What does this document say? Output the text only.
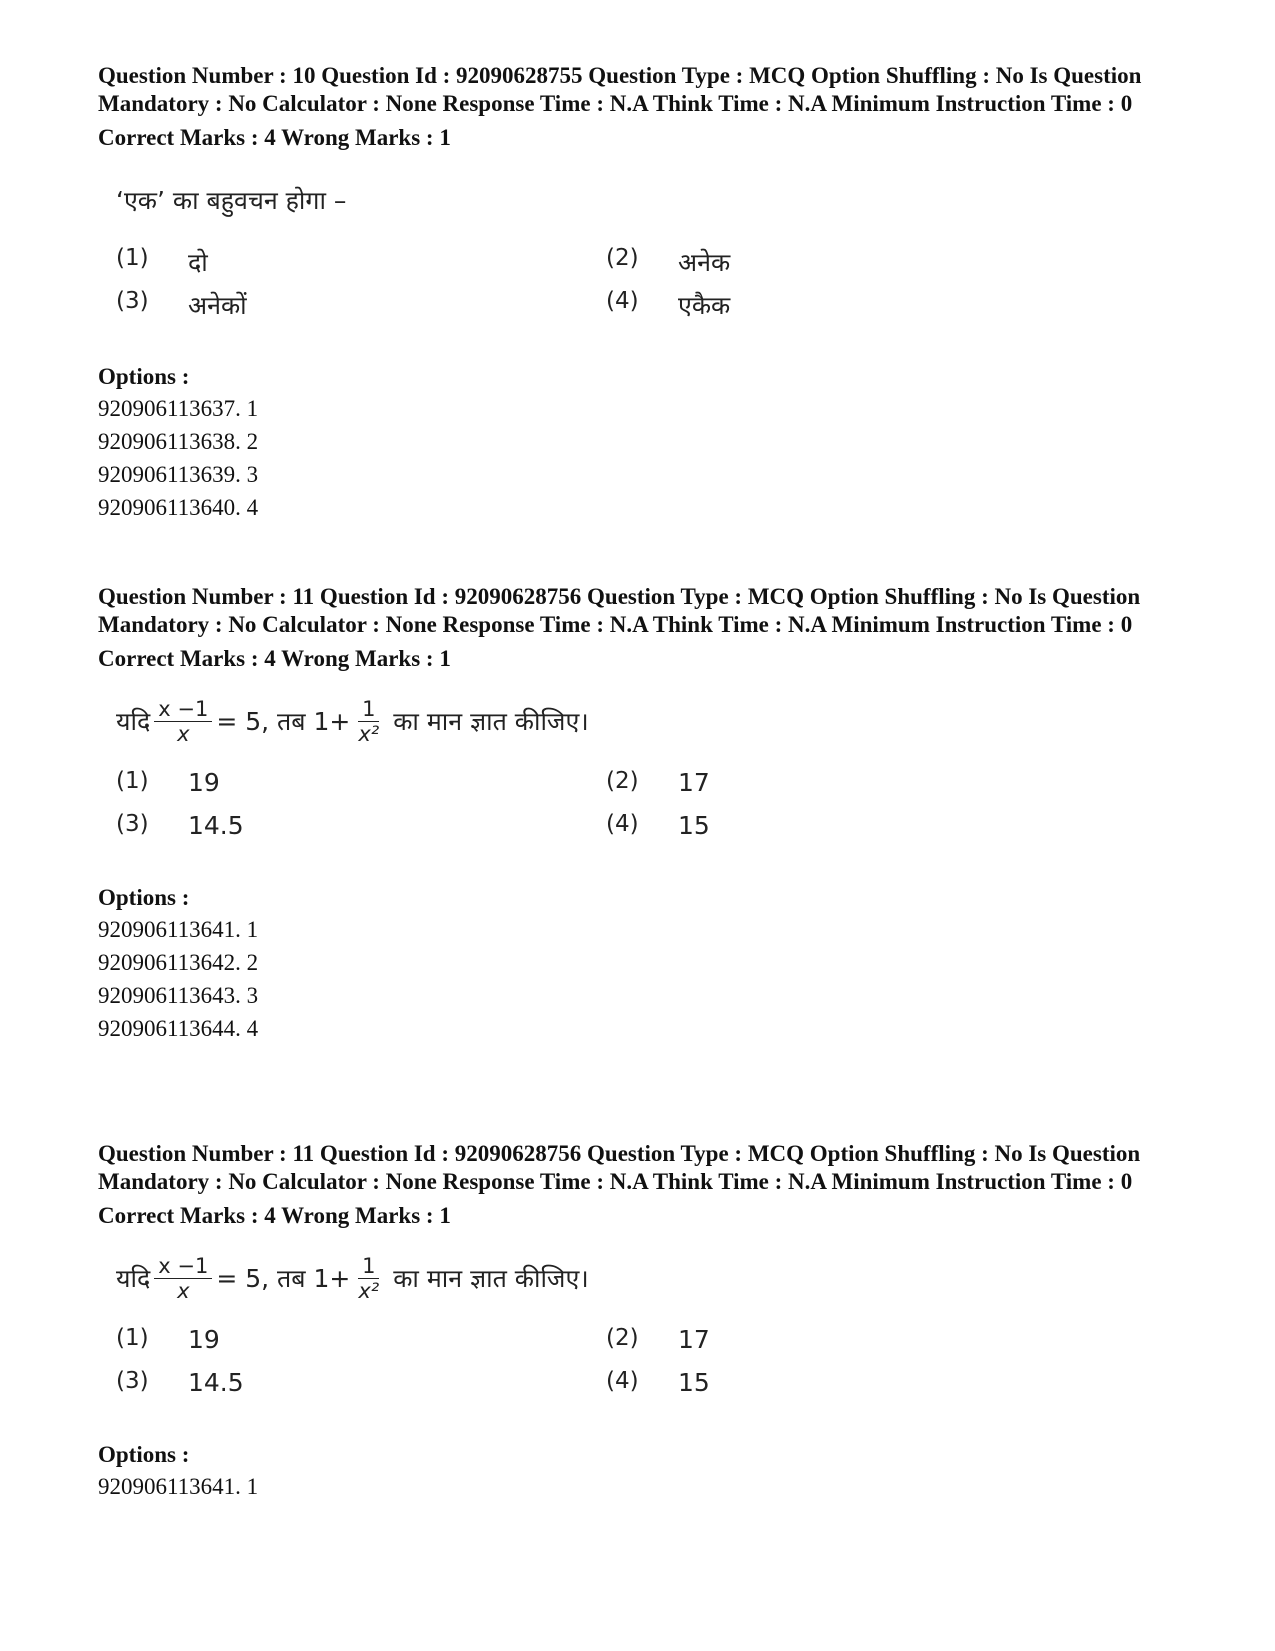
Question Number : 10 Question Id : 92090628755 Question Type : MCQ Option Shuffling : No Is Question Mandatory : No Calculator : None Response Time : N.A Think Time : N.A Minimum Instruction Time : 0

Correct Marks : 4 Wrong Marks : 1
‘एक’ का बहुवचन होगा –
(1)	दो	(2)	अनेक
(3)	अनेकों	(4)	एकैक
Options :
920906113637. 1
920906113638. 2
920906113639. 3
920906113640. 4

Question Number : 11 Question Id : 92090628756 Question Type : MCQ Option Shuffling : No Is Question Mandatory : No Calculator : None Response Time : N.A Think Time : N.A Minimum Instruction Time : 0

Correct Marks : 4 Wrong Marks : 1
यदि $\frac{x -1}{x} = 5$, तब $1+ \frac{1}{\text{x²}}$ का मान ज्ञात कीजिए।
(1)	19	(2)	17
(3)	14.5	(4)	15
Options :
920906113641. 1
920906113642. 2
920906113643. 3
920906113644. 4

Question Number : 11 Question Id : 92090628756 Question Type : MCQ Option Shuffling : No Is Question Mandatory : No Calculator : None Response Time : N.A Think Time : N.A Minimum Instruction Time : 0

Correct Marks : 4 Wrong Marks : 1
यदि $\frac{x -1}{x} = 5$, तब $1+ \frac{1}{\text{x²}}$ का मान ज्ञात कीजिए।
(1)	19	(2)	17
(3)	14.5	(4)	15
Options :
920906113641. 1
